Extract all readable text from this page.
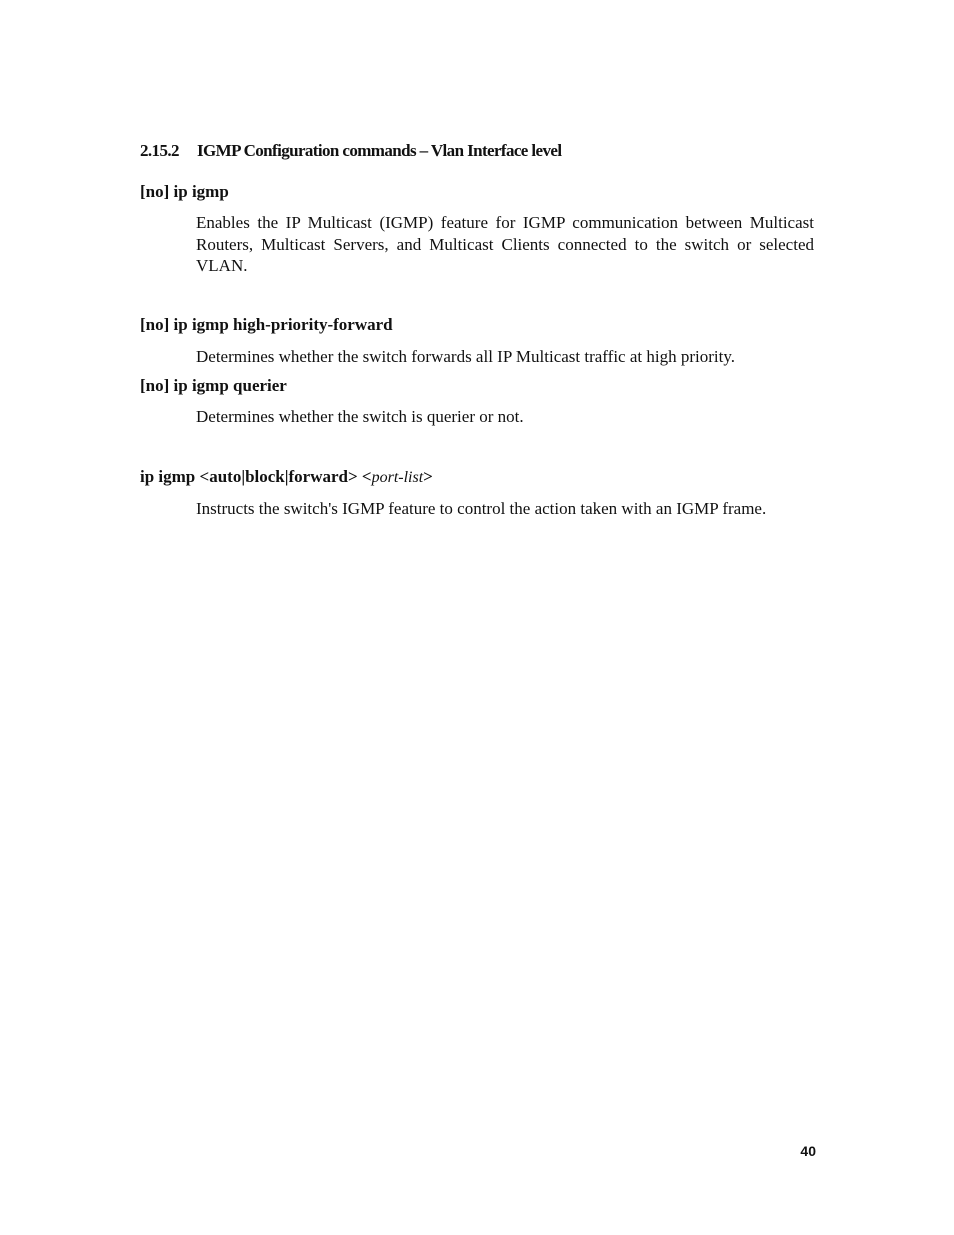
2.15.2 IGMP Configuration commands – Vlan Interface level
[no] ip igmp
Enables the IP Multicast (IGMP) feature for IGMP communication between Multicast Routers, Multicast Servers, and Multicast Clients connected to the switch or selected VLAN.
[no] ip igmp high-priority-forward
Determines whether the switch forwards all IP Multicast traffic at high priority.
[no] ip igmp querier
Determines whether the switch is querier or not.
ip igmp <auto|block|forward> <port-list>
Instructs the switch's IGMP feature to control the action taken with an IGMP frame.
40
